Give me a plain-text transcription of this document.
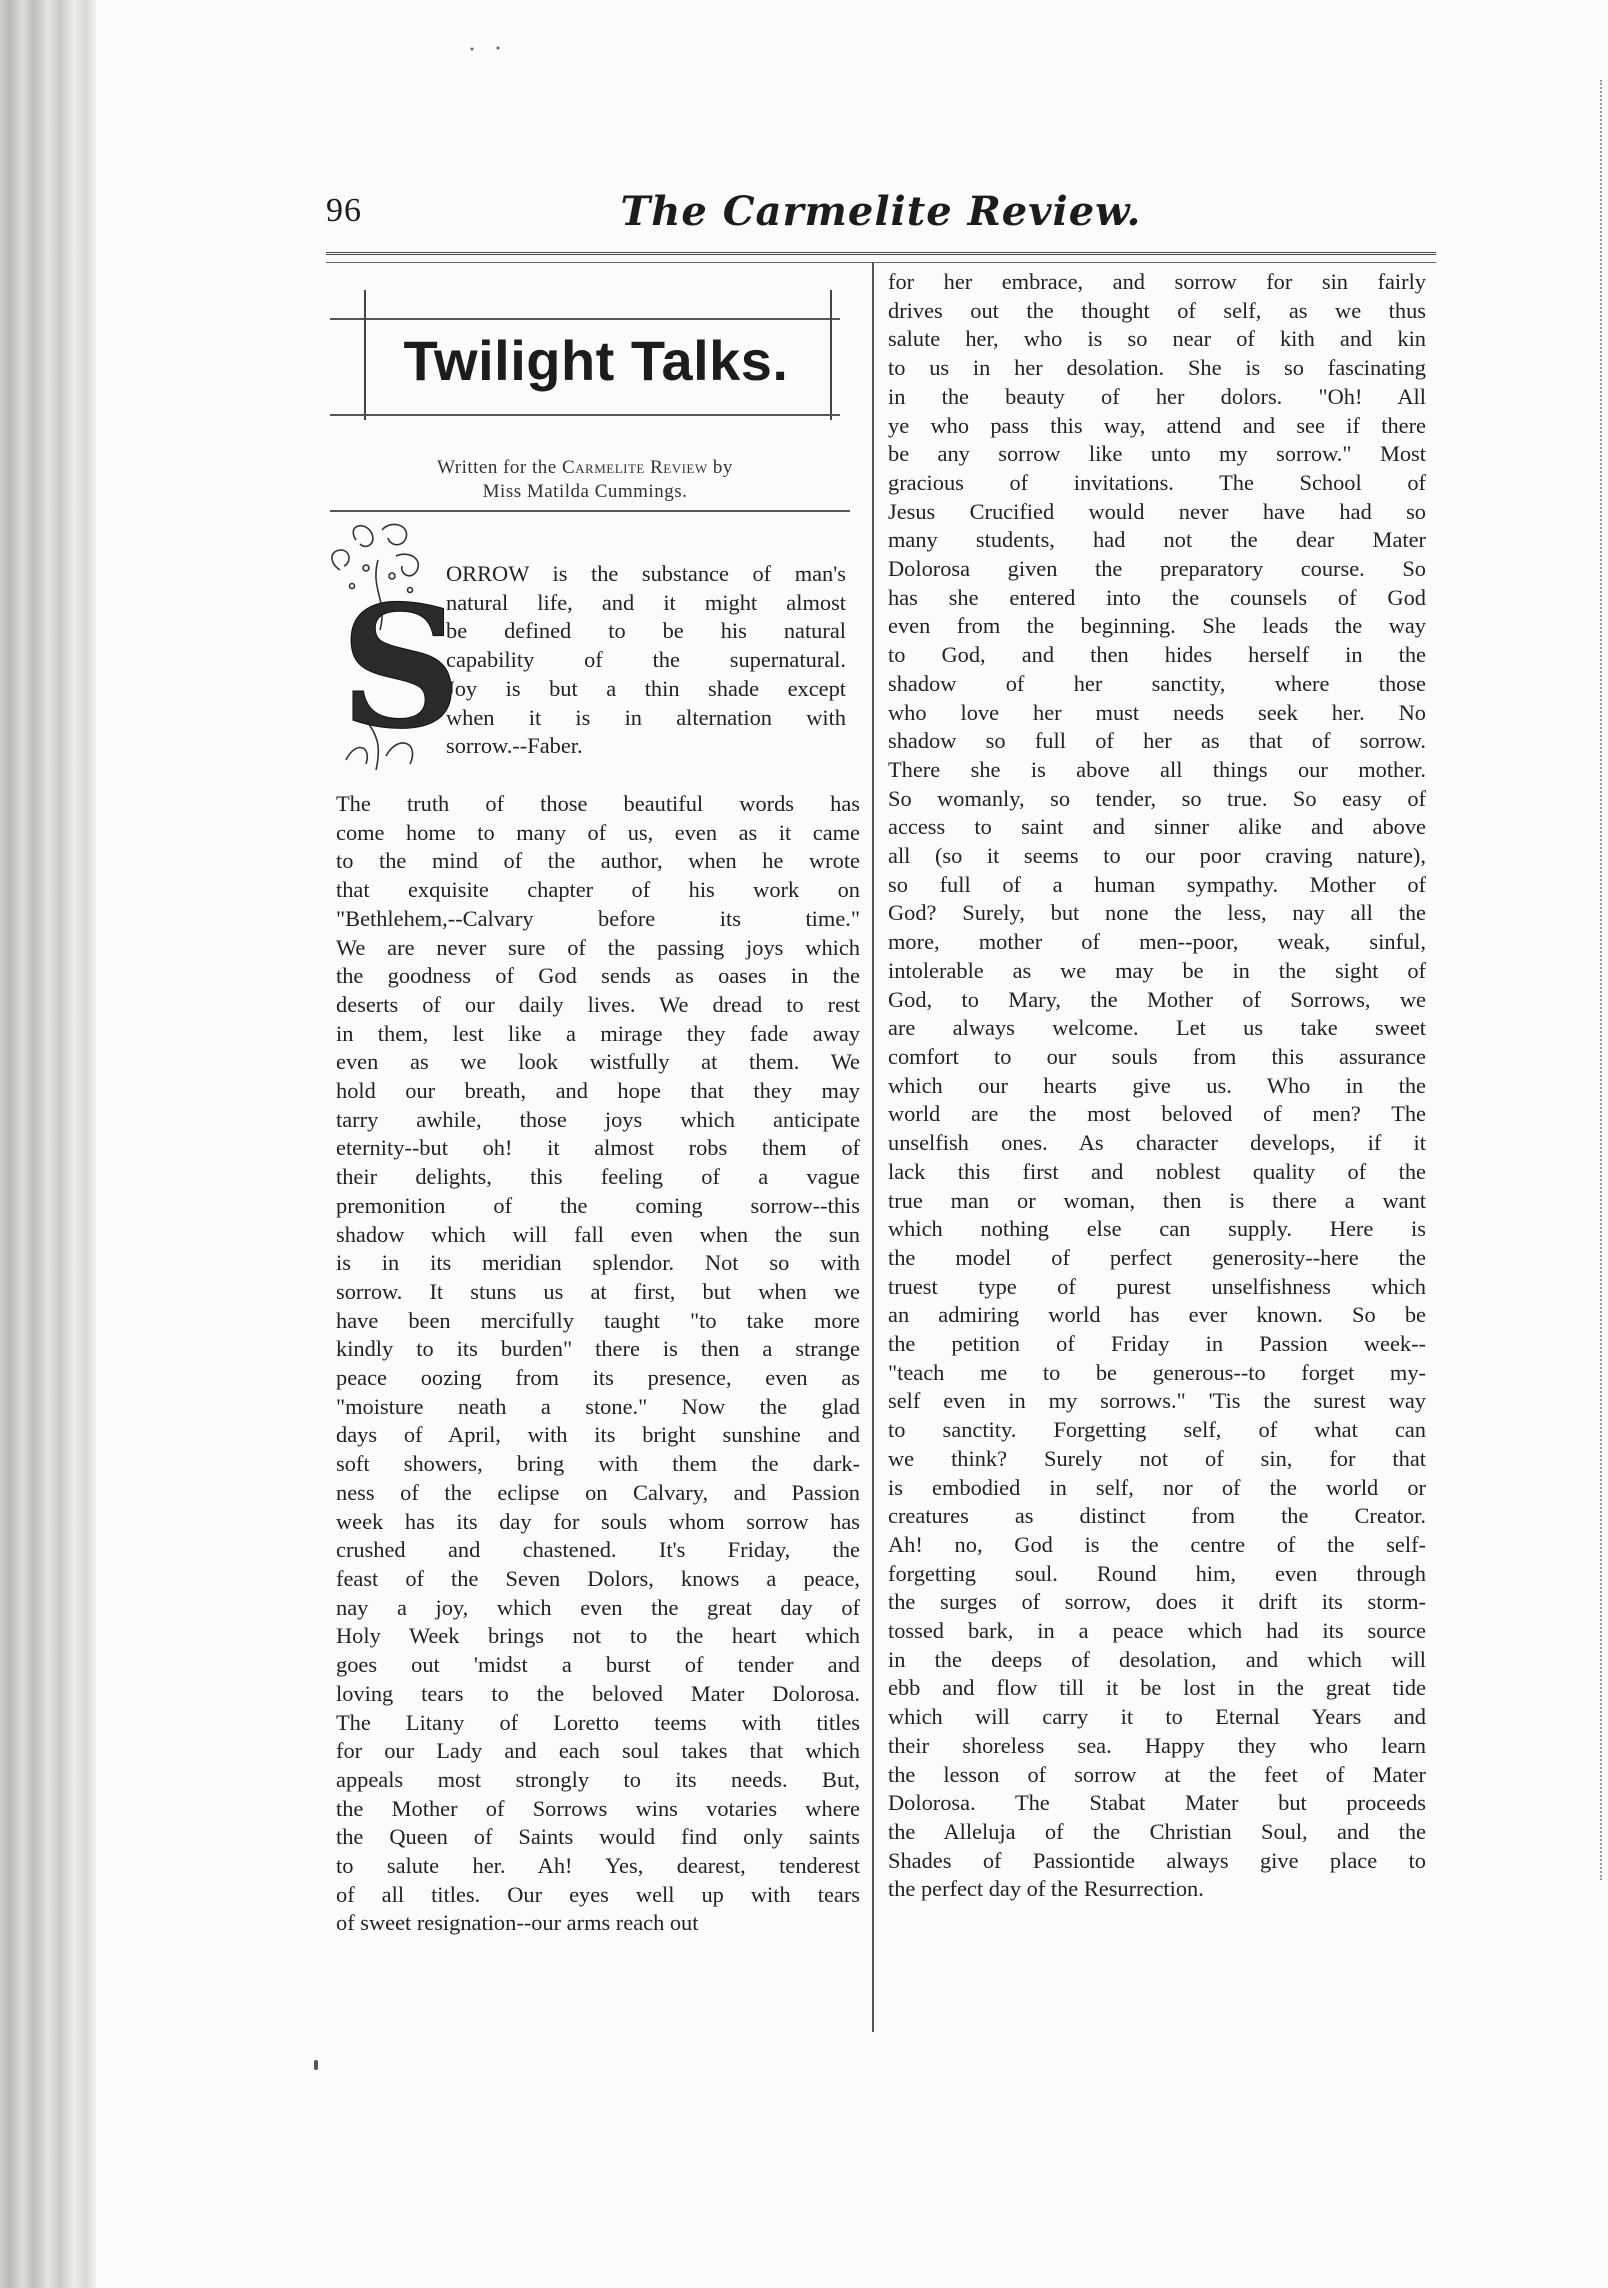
96	The Carmelite Review.
Twilight Talks.
Written for the Carmelite Review by
Miss Matilda Cummings.
S
ORROW is the substance of man's
natural life, and it might almost
be defined to be his natural
capability of the supernatural.
Joy is but a thin shade except
when it is in alternation with
sorrow.--Faber.
The truth of those beautiful words has
come home to many of us, even as it came
to the mind of the author, when he wrote
that exquisite chapter of his work on
"Bethlehem,--Calvary before its time."
We are never sure of the passing joys which
the goodness of God sends as oases in the
deserts of our daily lives. We dread to rest
in them, lest like a mirage they fade away
even as we look wistfully at them. We
hold our breath, and hope that they may
tarry awhile, those joys which anticipate
eternity--but oh! it almost robs them of
their delights, this feeling of a vague
premonition of the coming sorrow--this
shadow which will fall even when the sun
is in its meridian splendor. Not so with
sorrow. It stuns us at first, but when we
have been mercifully taught "to take more
kindly to its burden" there is then a strange
peace oozing from its presence, even as
"moisture neath a stone." Now the glad
days of April, with its bright sunshine and
soft showers, bring with them the dark-
ness of the eclipse on Calvary, and Passion
week has its day for souls whom sorrow has
crushed and chastened. It's Friday, the
feast of the Seven Dolors, knows a peace,
nay a joy, which even the great day of
Holy Week brings not to the heart which
goes out 'midst a burst of tender and
loving tears to the beloved Mater Dolorosa.
The Litany of Loretto teems with titles
for our Lady and each soul takes that which
appeals most strongly to its needs. But,
the Mother of Sorrows wins votaries where
the Queen of Saints would find only saints
to salute her. Ah! Yes, dearest, tenderest
of all titles. Our eyes well up with tears
of sweet resignation--our arms reach out
for her embrace, and sorrow for sin fairly
drives out the thought of self, as we thus
salute her, who is so near of kith and kin
to us in her desolation. She is so fascinating
in the beauty of her dolors. "Oh! All
ye who pass this way, attend and see if there
be any sorrow like unto my sorrow." Most
gracious of invitations. The School of
Jesus Crucified would never have had so
many students, had not the dear Mater
Dolorosa given the preparatory course. So
has she entered into the counsels of God
even from the beginning. She leads the way
to God, and then hides herself in the
shadow of her sanctity, where those
who love her must needs seek her. No
shadow so full of her as that of sorrow.
There she is above all things our mother.
So womanly, so tender, so true. So easy of
access to saint and sinner alike and above
all (so it seems to our poor craving nature),
so full of a human sympathy. Mother of
God? Surely, but none the less, nay all the
more, mother of men--poor, weak, sinful,
intolerable as we may be in the sight of
God, to Mary, the Mother of Sorrows, we
are always welcome. Let us take sweet
comfort to our souls from this assurance
which our hearts give us. Who in the
world are the most beloved of men? The
unselfish ones. As character develops, if it
lack this first and noblest quality of the
true man or woman, then is there a want
which nothing else can supply. Here is
the model of perfect generosity--here the
truest type of purest unselfishness which
an admiring world has ever known. So be
the petition of Friday in Passion week--
"teach me to be generous--to forget my-
self even in my sorrows." 'Tis the surest way
to sanctity. Forgetting self, of what can
we think? Surely not of sin, for that
is embodied in self, nor of the world or
creatures as distinct from the Creator.
Ah! no, God is the centre of the self-
forgetting soul. Round him, even through
the surges of sorrow, does it drift its storm-
tossed bark, in a peace which had its source
in the deeps of desolation, and which will
ebb and flow till it be lost in the great tide
which will carry it to Eternal Years and
their shoreless sea. Happy they who learn
the lesson of sorrow at the feet of Mater
Dolorosa. The Stabat Mater but proceeds
the Alleluja of the Christian Soul, and the
Shades of Passiontide always give place to
the perfect day of the Resurrection.
